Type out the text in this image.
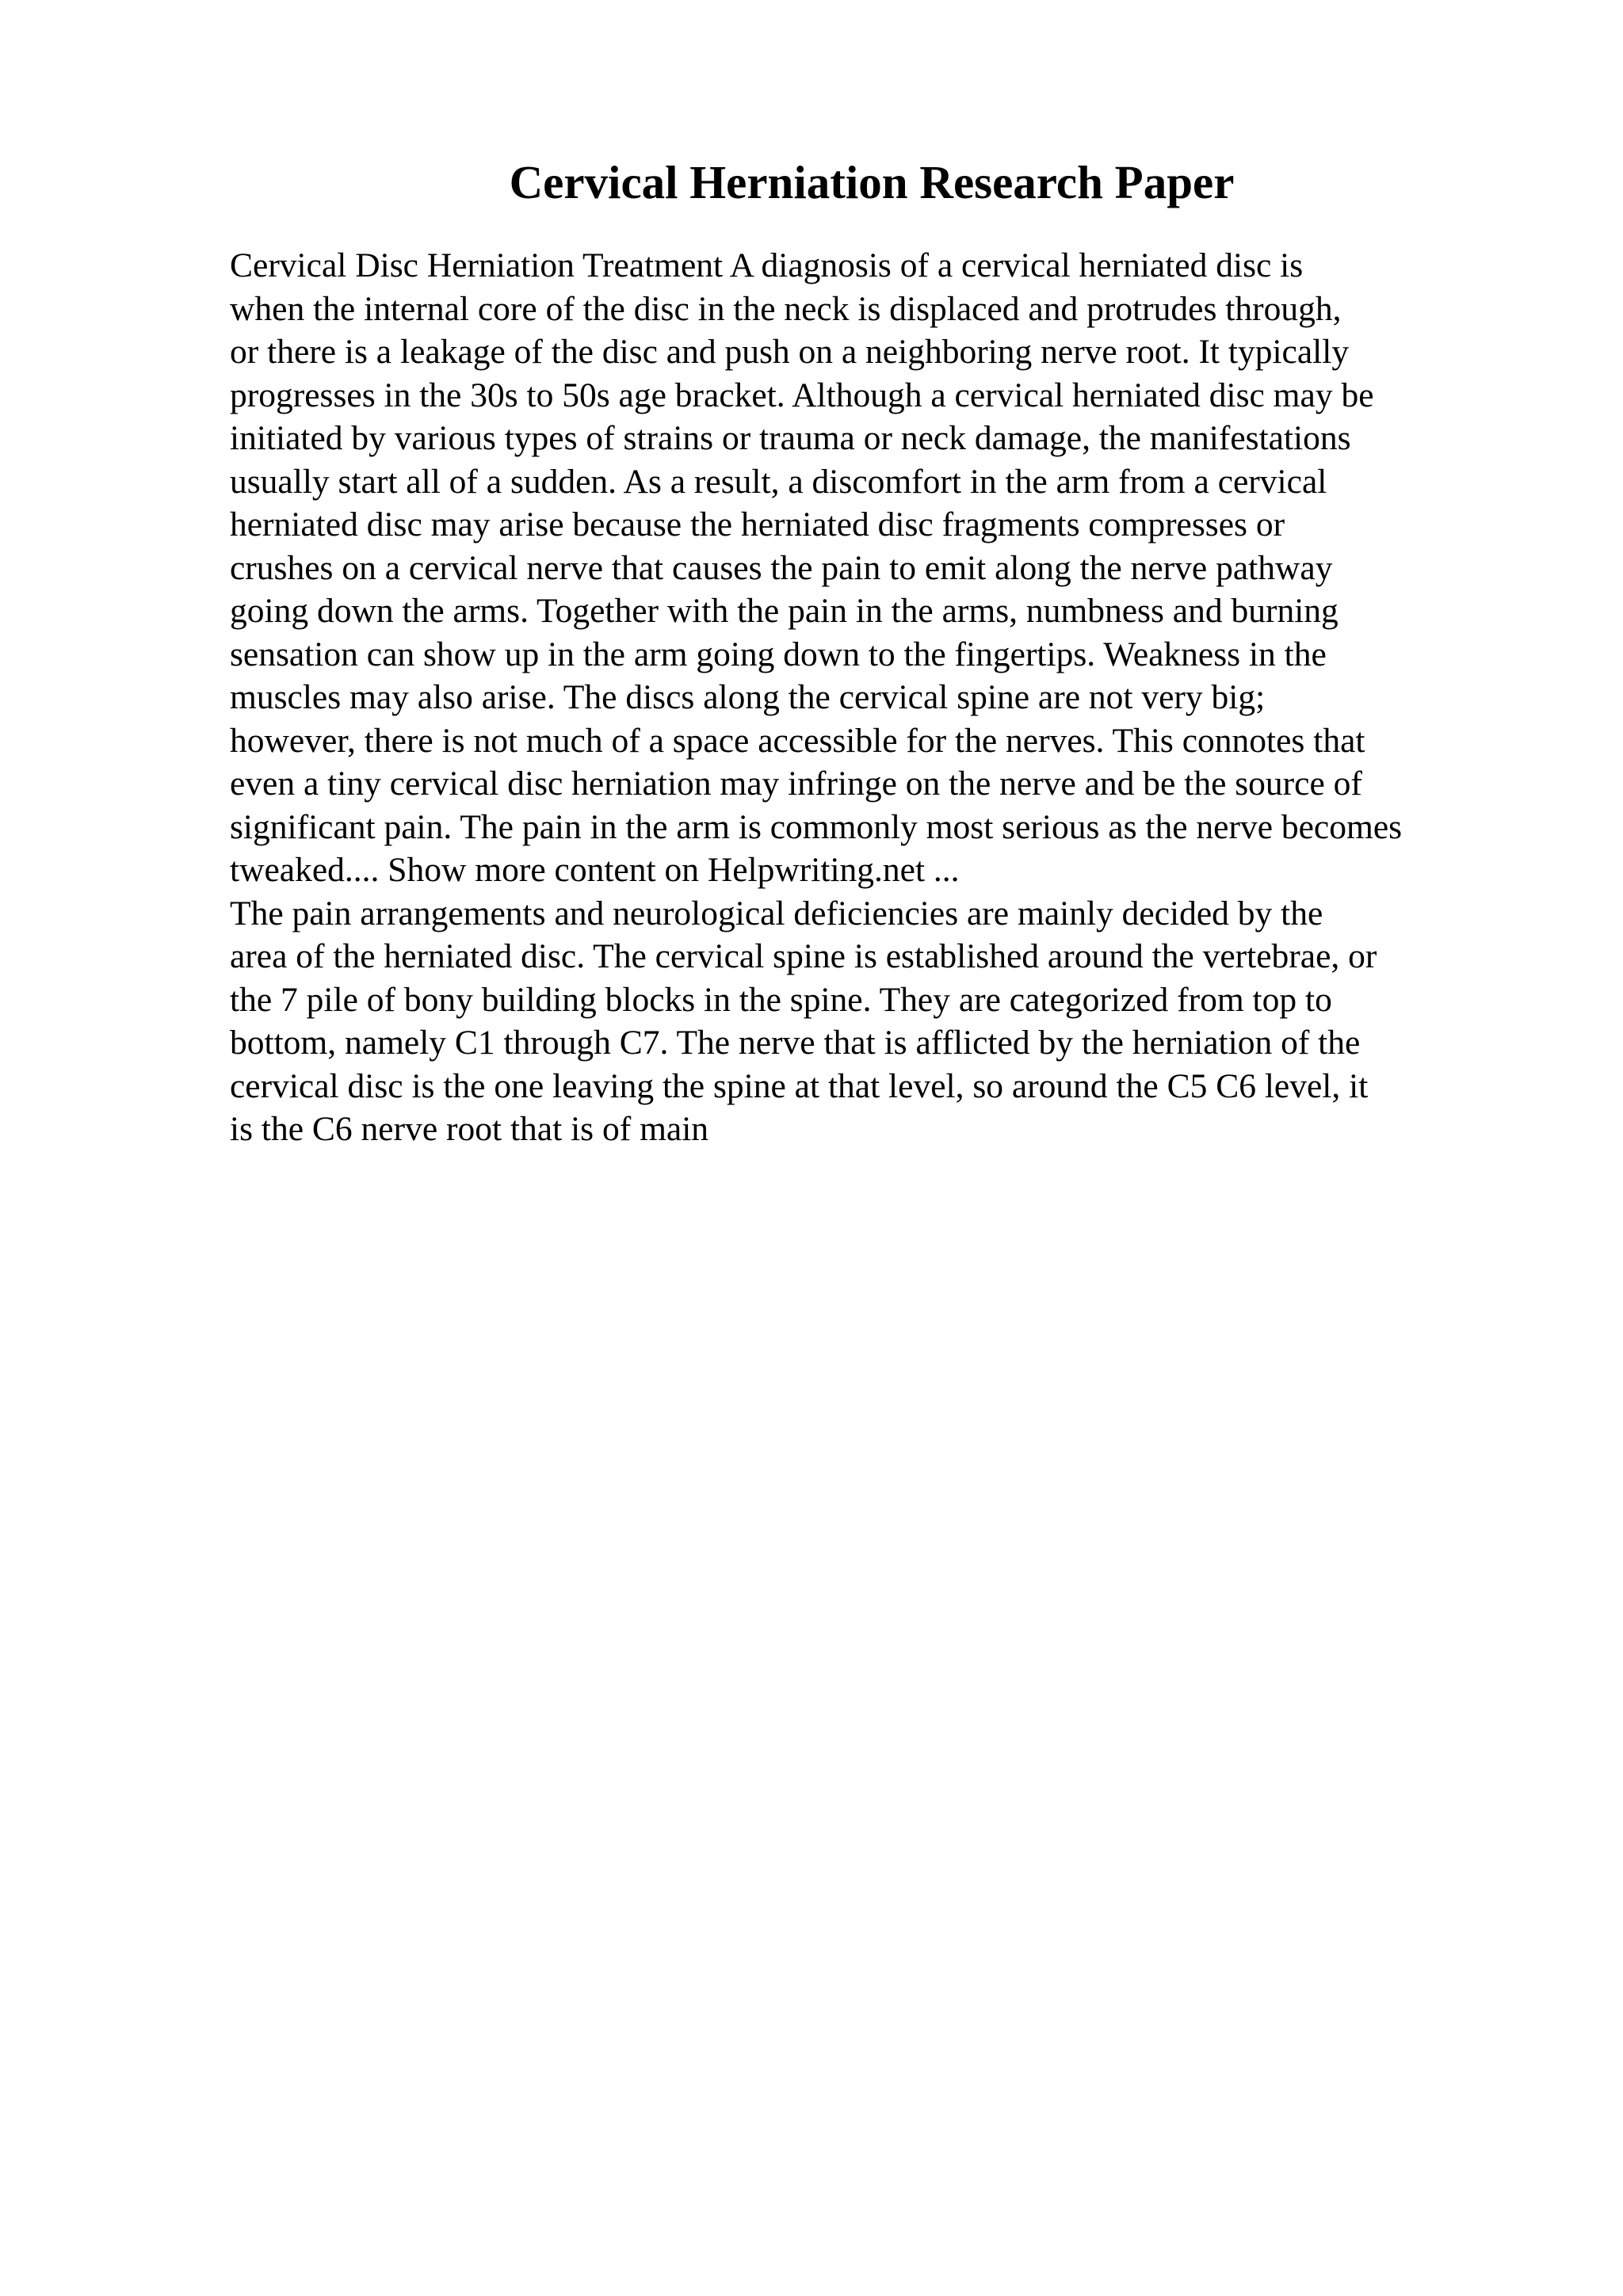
Cervical Herniation Research Paper
Cervical Disc Herniation Treatment A diagnosis of a cervical herniated disc is
when the internal core of the disc in the neck is displaced and protrudes through,
or there is a leakage of the disc and push on a neighboring nerve root. It typically
progresses in the 30s to 50s age bracket. Although a cervical herniated disc may be
initiated by various types of strains or trauma or neck damage, the manifestations
usually start all of a sudden. As a result, a discomfort in the arm from a cervical
herniated disc may arise because the herniated disc fragments compresses or
crushes on a cervical nerve that causes the pain to emit along the nerve pathway
going down the arms. Together with the pain in the arms, numbness and burning
sensation can show up in the arm going down to the fingertips. Weakness in the
muscles may also arise. The discs along the cervical spine are not very big;
however, there is not much of a space accessible for the nerves. This connotes that
even a tiny cervical disc herniation may infringe on the nerve and be the source of
significant pain. The pain in the arm is commonly most serious as the nerve becomes
tweaked.... Show more content on Helpwriting.net ...
The pain arrangements and neurological deficiencies are mainly decided by the
area of the herniated disc. The cervical spine is established around the vertebrae, or
the 7 pile of bony building blocks in the spine. They are categorized from top to
bottom, namely C1 through C7. The nerve that is afflicted by the herniation of the
cervical disc is the one leaving the spine at that level, so around the C5 C6 level, it
is the C6 nerve root that is of main
